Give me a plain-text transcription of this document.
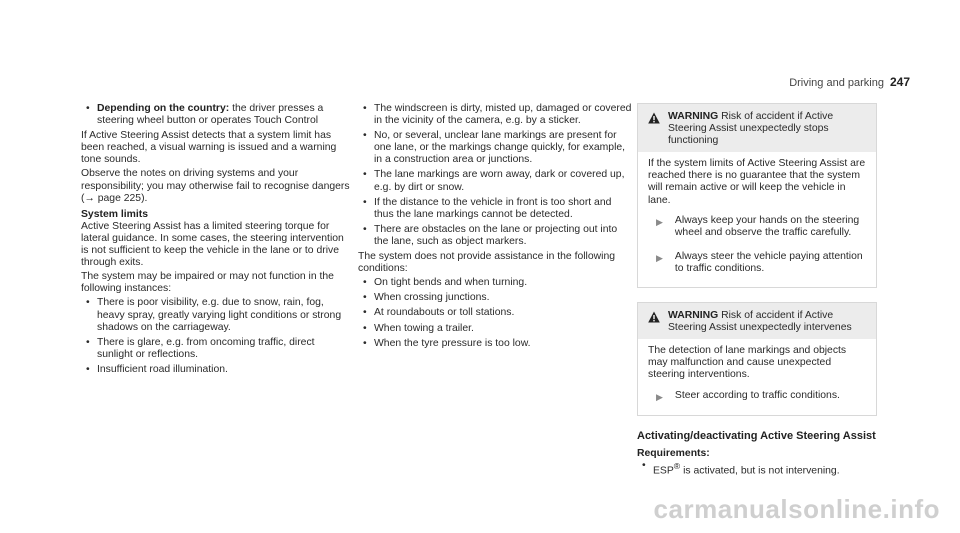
Driving and parking 247
• Depending on the country: the driver presses a steering wheel button or operates Touch Control

If Active Steering Assist detects that a system limit has been reached, a visual warning is issued and a warning tone sounds.

Observe the notes on driving systems and your responsibility; you may otherwise fail to recognise dangers (→ page 225).

System limits

Active Steering Assist has a limited steering torque for lateral guidance. In some cases, the steering intervention is not sufficient to keep the vehicle in the lane or to drive through exits.

The system may be impaired or may not function in the following instances:

• There is poor visibility, e.g. due to snow, rain, fog, heavy spray, greatly varying light conditions or strong shadows on the carriageway.
• There is glare, e.g. from oncoming traffic, direct sunlight or reflections.
• Insufficient road illumination.
• The windscreen is dirty, misted up, damaged or covered in the vicinity of the camera, e.g. by a sticker.
• No, or several, unclear lane markings are present for one lane, or the markings change quickly, for example, in a construction area or junctions.
• The lane markings are worn away, dark or covered up, e.g. by dirt or snow.
• If the distance to the vehicle in front is too short and thus the lane markings cannot be detected.
• There are obstacles on the lane or projecting out into the lane, such as object markers.

The system does not provide assistance in the following conditions:

• On tight bends and when turning.
• When crossing junctions.
• At roundabouts or toll stations.
• When towing a trailer.
• When the tyre pressure is too low.
WARNING Risk of accident if Active Steering Assist unexpectedly stops functioning

If the system limits of Active Steering Assist are reached there is no guarantee that the system will remain active or will keep the vehicle in lane.

▶ Always keep your hands on the steering wheel and observe the traffic carefully.
▶ Always steer the vehicle paying attention to traffic conditions.
WARNING Risk of accident if Active Steering Assist unexpectedly intervenes

The detection of lane markings and objects may malfunction and cause unexpected steering interventions.

▶ Steer according to traffic conditions.
Activating/deactivating Active Steering Assist
Requirements:
• ESP® is activated, but is not intervening.
carmanualsonline.info
